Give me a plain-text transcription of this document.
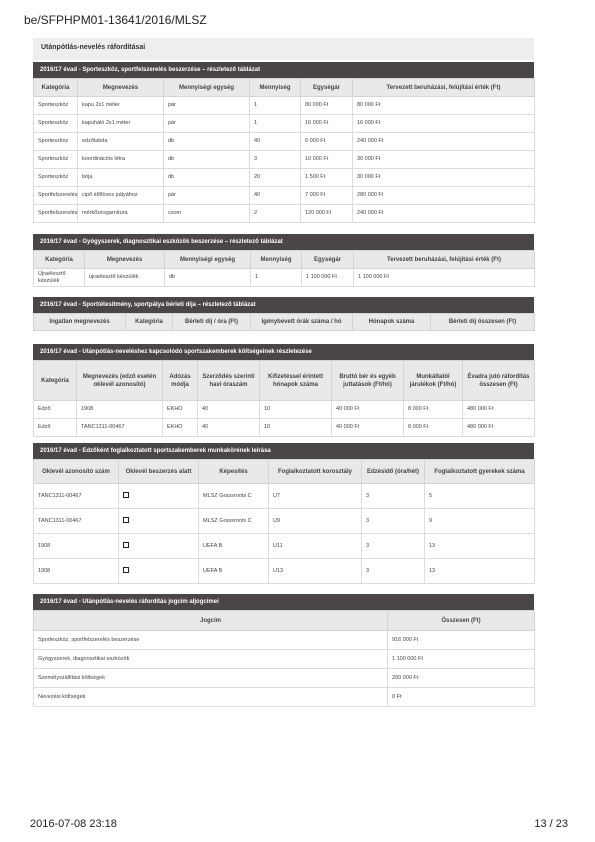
be/SFPHPM01-13641/2016/MLSZ
Utánpótlás-nevelés ráfordításai
2016/17 évad - Sporteszköz, sportfelszerelés beszerzése – részletező táblázat
Kategória	Megnevezés	Mennyiségi egység	Mennyiség	Egységár	Tervezett beruházási, felújítási érték (Ft)
Sporteszköz	kapu 2x1 méter	pár	1	80 000 Ft	80 000 Ft
Sporteszköz	kapuháló 2x1 méter	pár	1	16 000 Ft	16 000 Ft
Sporteszköz	edzőlabda	db	40	6 000 Ft	240 000 Ft
Sporteszköz	koordinációs létra	db	3	10 000 Ft	30 000 Ft
Sporteszköz	bója	db	20	1 500 Ft	30 000 Ft
Sportfelszerelés	cipő élőfüves pályához	pár	40	7 000 Ft	280 000 Ft
Sportfelszerelés	mérkőzésgarnitúra	csom	2	120 000 Ft	240 000 Ft
2016/17 évad - Gyógyszerek, diagnosztikai eszközök beszerzése – részletező táblázat
Kategória	Megnevezés	Mennyiségi egység	Mennyiség	Egységár	Tervezett beruházási, felújítási érték (Ft)
Újraélesztő készülék	újraélesztő készülék	db	1	1 100 000 Ft	1 100 000 Ft
2016/17 évad - Sportlétesítmény, sportpálya bérleti díja – részletező táblázat
Ingatlan megnevezés	Kategória	Bérleti díj / óra (Ft)	Igénybevett órák száma / hó	Hónapok száma	Bérleti díj összesen (Ft)
2016/17 évad - Utánpótlás-neveléshez kapcsolódó sportszakemberek költségeinek részletezése
Kategória	Megnevezés (edző esetén oklevél azonosító)	Adózás módja	Szerződés szerinti havi óraszám	Kifizetéssel érintett hónapok száma	Bruttó bér és egyéb juttatások (Ft/hó)	Munkáltatói járulékok (Ft/hó)	Évadra jutó ráfordítás összesen (Ft)
Edző	1908	EKHO	40	10	40 000 Ft	8 000 Ft	480 000 Ft
Edző	TANC1311-00467	EKHO	40	10	40 000 Ft	8 000 Ft	480 000 Ft
2016/17 évad - Edzőként foglalkoztatott sportszakemberek munkakörének leírása
Oklevél azonosító szám	Oklevél beszerzés alatt	Képesítés	Foglalkoztatott korosztály	Edzésidő (óra/hét)	Foglalkoztatott gyerekek száma
TANC1311-00467		MLSZ Grassroots C	U7	3	5
TANC1311-00467		MLSZ Grassroots C	U9	3	9
1908		UEFA B	U11	3	13
1908		UEFA B	U13	3	13
2016/17 évad - Utánpótlás-nevelés ráfordítás jogcím aljogcímei
Jogcím	Összesen (Ft)
Sporteszköz, sportfelszerelés beszerzése	916 000 Ft
Gyógyszerek, diagnosztikai eszközök	1 100 000 Ft
Személyszállítási költségek	200 000 Ft
Nevezési költségek	0 Ft
2016-07-08 23:18	13 / 23
